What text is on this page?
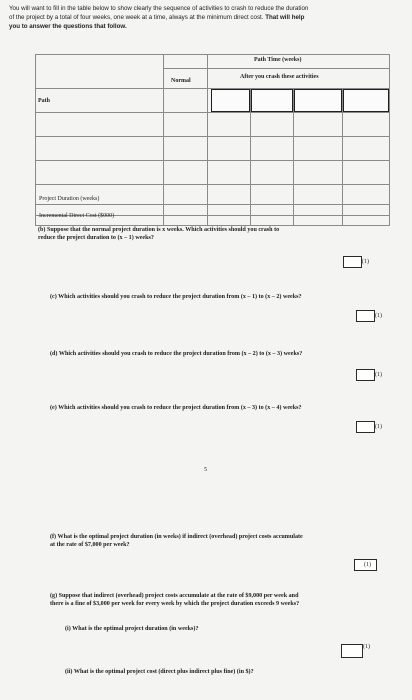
You will want to fill in the table below to show clearly the sequence of activities to crash to reduce the duration
of the project by a total of four weeks, one week at a time, always at the minimum direct cost. That will help
you to answer the questions that follow.
Path Time (weeks)
Normal
After you crash these activities
Path
Project Duration (weeks)
Incremental Direct Cost ($000)
(b) Suppose that the normal project duration is x weeks. Which activities should you crash to
reduce the project duration to (x – 1) weeks?
(1)
(c) Which activities should you crash to reduce the project duration from (x – 1) to (x – 2) weeks?
(1)
(d) Which activities should you crash to reduce the project duration from (x – 2) to (x – 3) weeks?
(1)
(e) Which activities should you crash to reduce the project duration from (x – 3) to (x – 4) weeks?
(1)
5
(f) What is the optimal project duration (in weeks) if indirect (overhead) project costs accumulate
at the rate of $7,000 per week?
(1)
(g) Suppose that indirect (overhead) project costs accumulate at the rate of $9,000 per week and
there is a fine of $3,000 per week for every week by which the project duration exceeds 9 weeks?
(i) What is the optimal project duration (in weeks)?
(1)
(ii) What is the optimal project cost (direct plus indirect plus fine) (in $)?
